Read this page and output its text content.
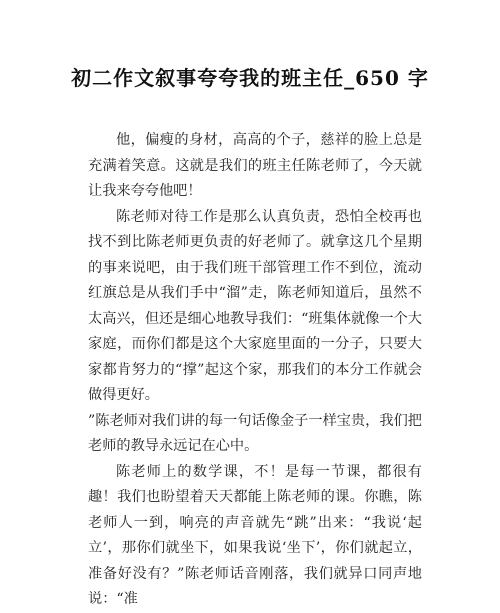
初二作文叙事夸夸我的班主任_650 字

他，偏瘦的身材，高高的个子，慈祥的脸上总是充满着笑意。这就是我们的班主任陈老师了，今天就让我来夸夸他吧！

陈老师对待工作是那么认真负责，恐怕全校再也找不到比陈老师更负责的好老师了。就拿这几个星期的事来说吧，由于我们班干部管理工作不到位，流动红旗总是从我们手中“溜”走，陈老师知道后，虽然不太高兴，但还是细心地教导我们：“班集体就像一个大家庭，而你们都是这个大家庭里面的一分子，只要大家都肯努力的“撑”起这个家，那我们的本分工作就会做得更好。

”陈老师对我们讲的每一句话像金子一样宝贵，我们把老师的教导永远记在心中。

陈老师上的数学课，不！是每一节课，都很有趣！我们也盼望着天天都能上陈老师的课。你瞧，陈老师人一到，响亮的声音就先“跳”出来：“我说‘起立’，那你们就坐下，如果我说‘坐下’，你们就起立，准备好没有？”陈老师话音刚落，我们就异口同声地说：“准
